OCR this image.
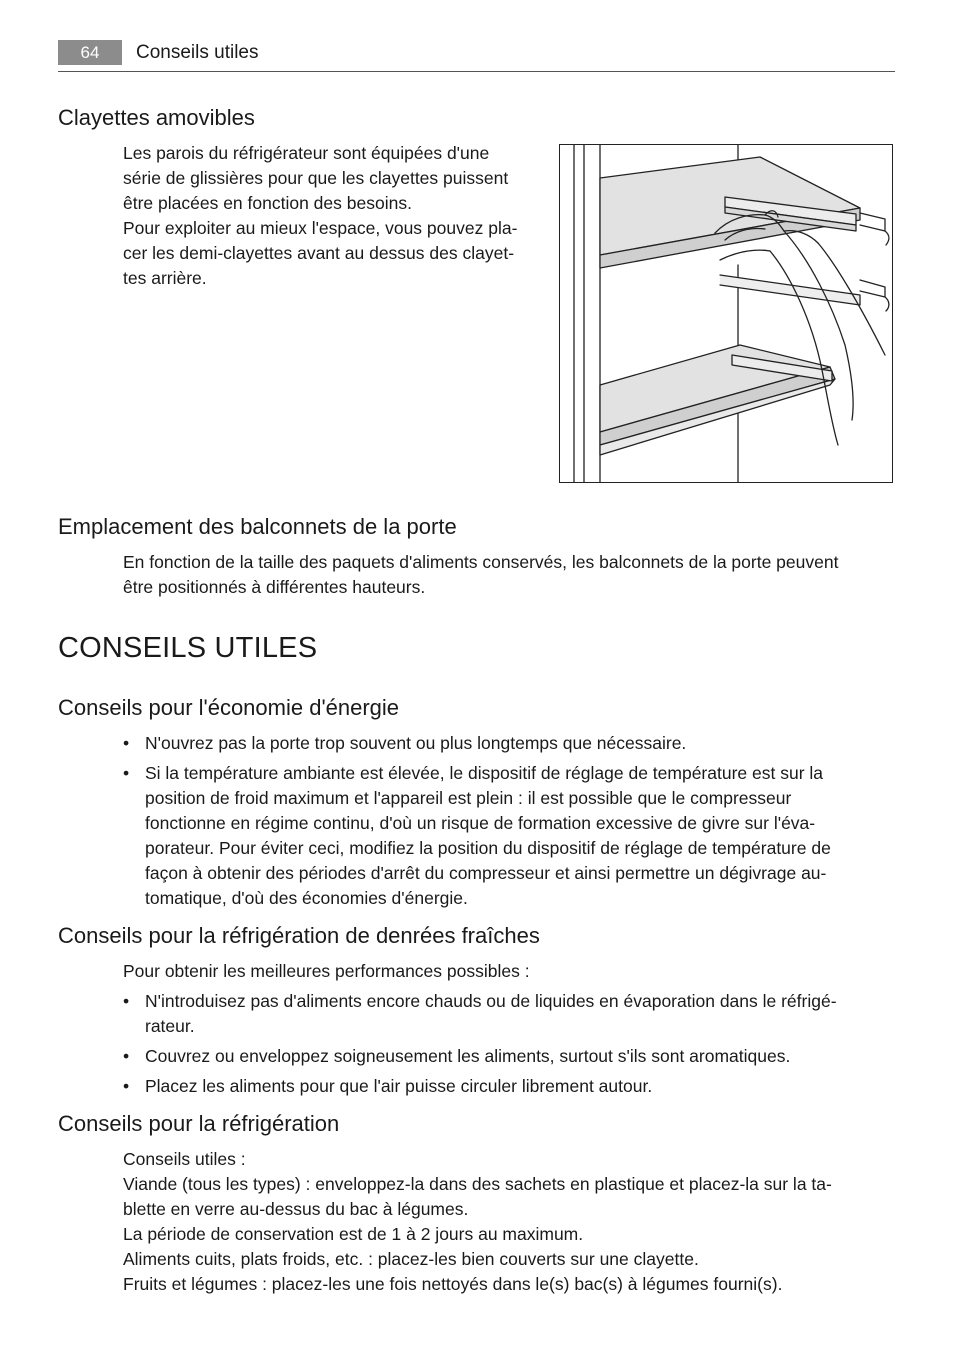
64	Conseils utiles
Clayettes amovibles

Les parois du réfrigérateur sont équipées d'une
série de glissières pour que les clayettes puissent
être placées en fonction des besoins.
Pour exploiter au mieux l'espace, vous pouvez pla-
cer les demi-clayettes avant au dessus des clayet-
tes arrière.

Emplacement des balconnets de la porte

En fonction de la taille des paquets d'aliments conservés, les balconnets de la porte peuvent
être positionnés à différentes hauteurs.

CONSEILS UTILES
Conseils pour l'économie d'énergie
• N'ouvrez pas la porte trop souvent ou plus longtemps que nécessaire.
• Si la température ambiante est élevée, le dispositif de réglage de température est sur la
position de froid maximum et l'appareil est plein : il est possible que le compresseur
fonctionne en régime continu, d'où un risque de formation excessive de givre sur l'éva-
porateur. Pour éviter ceci, modifiez la position du dispositif de réglage de température de
façon à obtenir des périodes d'arrêt du compresseur et ainsi permettre un dégivrage au-
tomatique, d'où des économies d'énergie.
Conseils pour la réfrigération de denrées fraîches

Pour obtenir les meilleures performances possibles :

• N'introduisez pas d'aliments encore chauds ou de liquides en évaporation dans le réfrigé-
rateur.
• Couvrez ou enveloppez soigneusement les aliments, surtout s'ils sont aromatiques.
• Placez les aliments pour que l'air puisse circuler librement autour.
Conseils pour la réfrigération

Conseils utiles :
Viande (tous les types) : enveloppez-la dans des sachets en plastique et placez-la sur la ta-
blette en verre au-dessus du bac à légumes.
La période de conservation est de 1 à 2 jours au maximum.
Aliments cuits, plats froids, etc. : placez-les bien couverts sur une clayette.
Fruits et légumes : placez-les une fois nettoyés dans le(s) bac(s) à légumes fourni(s).
